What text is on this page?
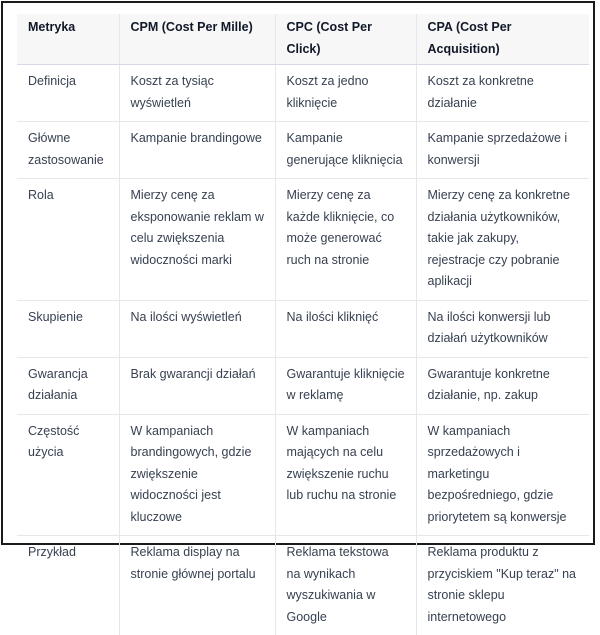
Metryka	CPM (Cost Per Mille)	CPC (Cost Per Click)	CPA (Cost Per Acquisition)
Definicja	Koszt za tysiąc wyświetleń	Koszt za jedno kliknięcie	Koszt za konkretne działanie
Główne zastosowanie	Kampanie brandingowe	Kampanie generujące kliknięcia	Kampanie sprzedażowe i konwersji
Rola	Mierzy cenę za eksponowanie reklam w celu zwiększenia widoczności marki	Mierzy cenę za każde kliknięcie, co może generować ruch na stronie	Mierzy cenę za konkretne działania użytkowników, takie jak zakupy, rejestracje czy pobranie aplikacji
Skupienie	Na ilości wyświetleń	Na ilości kliknięć	Na ilości konwersji lub działań użytkowników
Gwarancja działania	Brak gwarancji działań	Gwarantuje kliknięcie w reklamę	Gwarantuje konkretne działanie, np. zakup
Częstość użycia	W kampaniach brandingowych, gdzie zwiększenie widoczności jest kluczowe	W kampaniach mających na celu zwiększenie ruchu lub ruchu na stronie	W kampaniach sprzedażowych i marketingu bezpośredniego, gdzie priorytetem są konwersje
Przykład	Reklama display na stronie głównej portalu	Reklama tekstowa na wynikach wyszukiwania w Google	Reklama produktu z przyciskiem "Kup teraz" na stronie sklepu internetowego
